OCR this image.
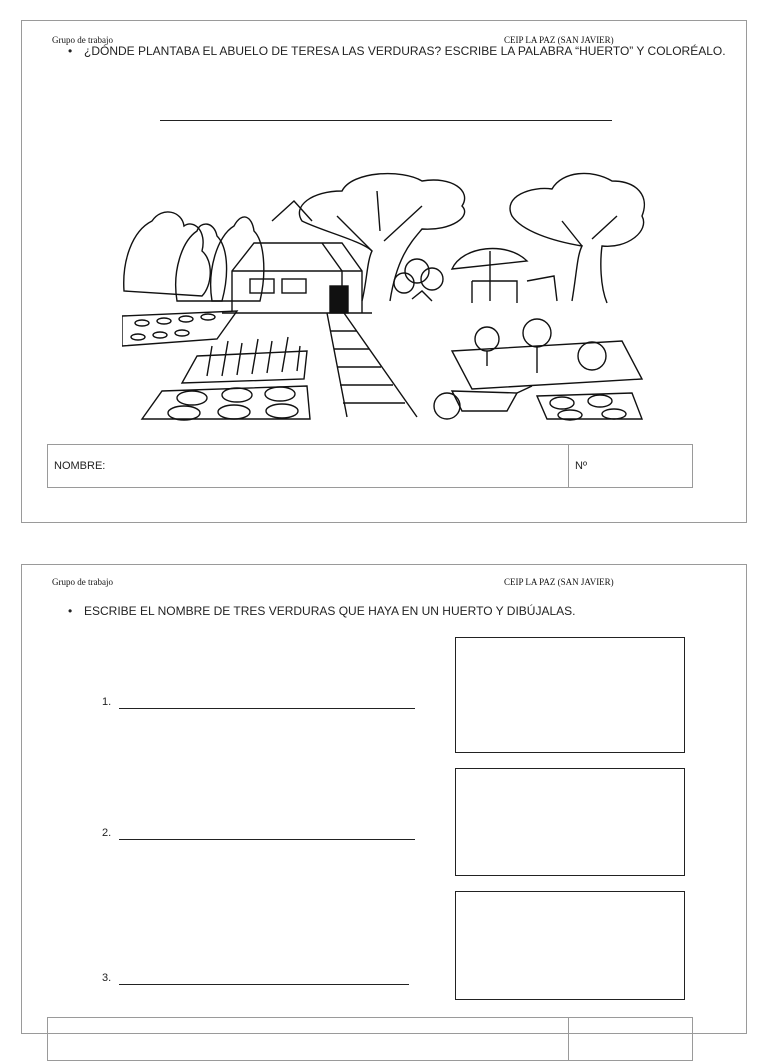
Grupo de trabajo	CEIP LA PAZ (SAN JAVIER)
• ¿DÓNDE PLANTABA EL ABUELO DE TERESA LAS VERDURAS? ESCRIBE LA PALABRA “HUERTO” Y COLORÉALO.
NOMBRE:	Nº
Grupo de trabajo	CEIP LA PAZ (SAN JAVIER)
• ESCRIBE EL NOMBRE DE TRES VERDURAS QUE HAYA EN UN HUERTO Y DIBÚJALAS.
1.
2.
3.
